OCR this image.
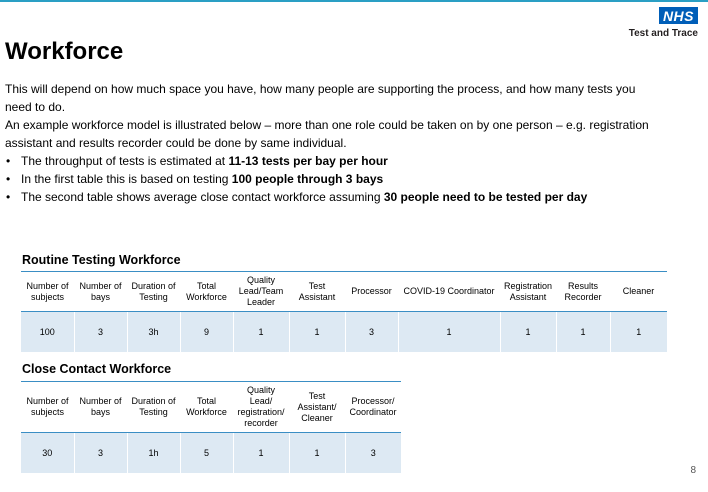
NHS
Test and Trace
Workforce

This will depend on how much space you have, how many people are supporting the process, and how many tests you need to do.

An example workforce model is illustrated below – more than one role could be taken on by one person – e.g. registration assistant and results recorder could be done by same individual.

• The throughput of tests is estimated at 11-13 tests per bay per hour
• In the first table this is based on testing 100 people through 3 bays
• The second table shows average close contact workforce assuming 30 people need to be tested per day
Routine Testing Workforce
Number of subjects	Number of bays	Duration of Testing	Total Workforce	Quality Lead/Team Leader	Test Assistant	Processor	COVID-19 Coordinator	Registration Assistant	Results Recorder	Cleaner
100	3	3h	9	1	1	3	1	1	1	1
Close Contact Workforce
Number of subjects	Number of bays	Duration of Testing	Total Workforce	Quality Lead/ registration/ recorder	Test Assistant/ Cleaner	Processor/ Coordinator
30	3	1h	5	1	1	3
8
